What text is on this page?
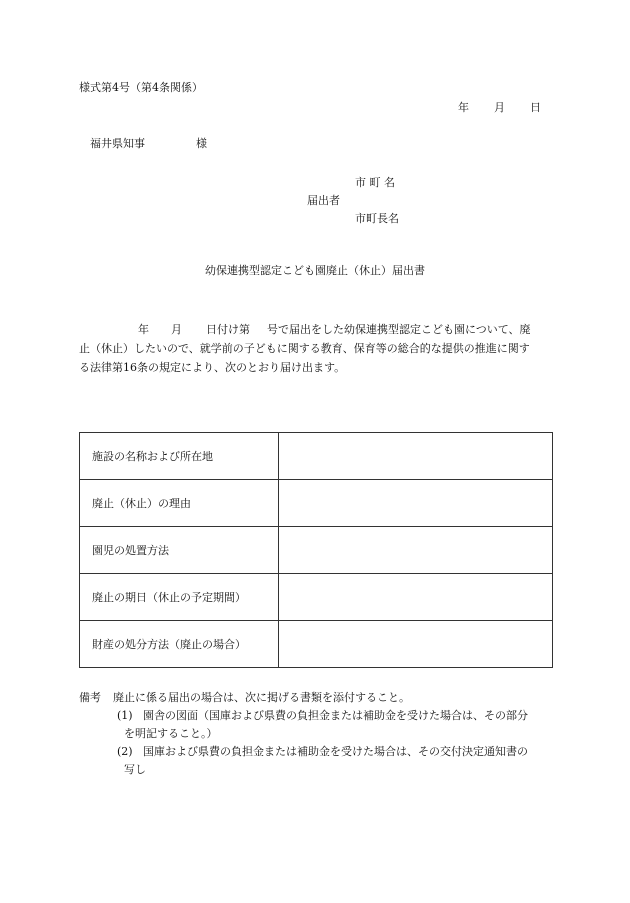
様式第4号（第4条関係）
年 月 日
福井県知事	様
市 町 名
届出者
市町長名
幼保連携型認定こども園廃止（休止）届出書
年 月 日付け第 号で届出をした幼保連携型認定こども園について、廃
止（休止）したいので、就学前の子どもに関する教育、保育等の総合的な提供の推進に関す
る法律第16条の規定により、次のとおり届け出ます。
施設の名称および所在地	
廃止（休止）の理由	
園児の処置方法	
廃止の期日（休止の予定期間）	
財産の処分方法（廃止の場合）	
備考 廃止に係る届出の場合は、次に掲げる書類を添付すること。
(1) 園舎の図面（国庫および県費の負担金または補助金を受けた場合は、その部分
を明記すること。）
(2) 国庫および県費の負担金または補助金を受けた場合は、その交付決定通知書の
写し
